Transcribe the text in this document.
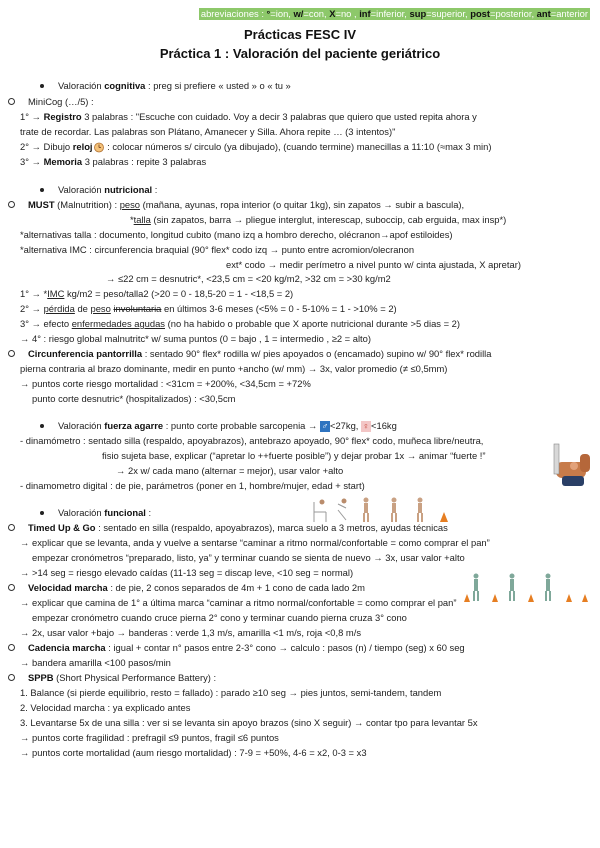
abreviaciones : °=ion, w/=con, X=no , inf=inferior, sup=superior, post=posterior, ant=anterior
Prácticas FESC IV
Práctica 1 : Valoración del paciente geriátrico
Valoración cognitiva : preg si prefiere « usted » o « tu »
MiniCog (…/5) :
1° → Registro 3 palabras : "Escuche con cuidado. Voy a decir 3 palabras que quiero que usted repita ahora y
trate de recordar. Las palabras son Plátano, Amanecer y Silla. Ahora repite … (3 intentos)"
2° → Dibujo reloj : colocar números s/ circulo (ya dibujado), (cuando termine) manecillas a 11:10 (≈max 3 min)
3° → Memoria 3 palabras : repite 3 palabras
Valoración nutricional :
MUST (Malnutrition) : peso (mañana, ayunas, ropa interior (o quitar 1kg), sin zapatos → subir a bascula),
*talla (sin zapatos, barra → pliegue interglut, interescap, suboccip, cab erguida, max insp*)
*alternativas talla : documento, longitud cubito (mano izq a hombro derecho, olécranon→apof estiloides)
*alternativa IMC : circunferencia braquial (90° flex* codo izq → punto entre acromion/olecranon
ext* codo → medir perímetro a nivel punto w/ cinta ajustada, X apretar)
→ ≤22 cm = desnutric*, <23,5 cm = <20 kg/m2, >32 cm = >30 kg/m2
1° → *IMC kg/m2 = peso/talla2 (>20 = 0 - 18,5-20 = 1 - <18,5 = 2)
2° → pérdida de peso involuntaria en últimos 3-6 meses (<5% = 0 - 5-10% = 1 - >10% = 2)
3° → efecto enfermedades agudas (no ha habido o probable que X aporte nutricional durante >5 dias = 2)
→ 4° : riesgo global malnutritc* w/ suma puntos (0 = bajo , 1 = intermedio , ≥2 = alto)
Circunferencia pantorrilla : sentado 90° flex* rodilla w/ pies apoyados o (encamado) supino w/ 90° flex* rodilla
pierna contraria al brazo dominante, medir en punto +ancho (w/ mm) → 3x, valor promedio (≠ ≤0,5mm)
→ puntos corte riesgo mortalidad : <31cm = +200%, <34,5cm = +72%
punto corte desnutric* (hospitalizados) : <30,5cm
Valoración fuerza agarre : punto corte probable sarcopenia → ♂ <27kg, ♀ <16kg
- dinamómetro : sentado silla (respaldo, apoyabrazos), antebrazo apoyado, 90° flex* codo, muñeca libre/neutra,
fisio sujeta base, explicar (“apretar lo ++fuerte posible”) y dejar probar 1x → animar “fuerte !”
→ 2x w/ cada mano (alternar = mejor), usar valor +alto
- dinamometro digital : de pie, parámetros (poner en 1, hombre/mujer, edad + start)
Valoración funcional :
Timed Up & Go : sentado en silla (respaldo, apoyabrazos), marca suelo a 3 metros, ayudas técnicas
→ explicar que se levanta, anda y vuelve a sentarse “caminar a ritmo normal/confortable = como comprar el pan”
empezar cronómetros “preparado, listo, ya” y terminar cuando se sienta de nuevo → 3x, usar valor +alto
→ >14 seg = riesgo elevado caídas (11-13 seg = discap leve, <10 seg = normal)
Velocidad marcha : de pie, 2 conos separados de 4m + 1 cono de cada lado 2m
→ explicar que camina de 1° a última marca “caminar a ritmo normal/confortable = como comprar el pan”
empezar cronómetro cuando cruce pierna 2° cono y terminar cuando pierna cruza 3° cono
→ 2x, usar valor +bajo → banderas : verde 1,3 m/s, amarilla <1 m/s, roja <0,8 m/s
Cadencia marcha : igual + contar n° pasos entre 2-3° cono → calculo : pasos (n) / tiempo (seg) x 60 seg
→ bandera amarilla <100 pasos/min
SPPB (Short Physical Performance Battery) :
1. Balance (si pierde equilibrio, resto = fallado) : parado ≥10 seg → pies juntos, semi-tandem, tandem
2. Velocidad marcha : ya explicado antes
3. Levantarse 5x de una silla : ver si se levanta sin apoyo brazos (sino X seguir) → contar tpo para levantar 5x
→ puntos corte fragilidad : prefragil ≤9 puntos, fragil ≤6 puntos
→ puntos corte mortalidad (aum riesgo mortalidad) : 7-9 = +50%, 4-6 = x2, 0-3 = x3
